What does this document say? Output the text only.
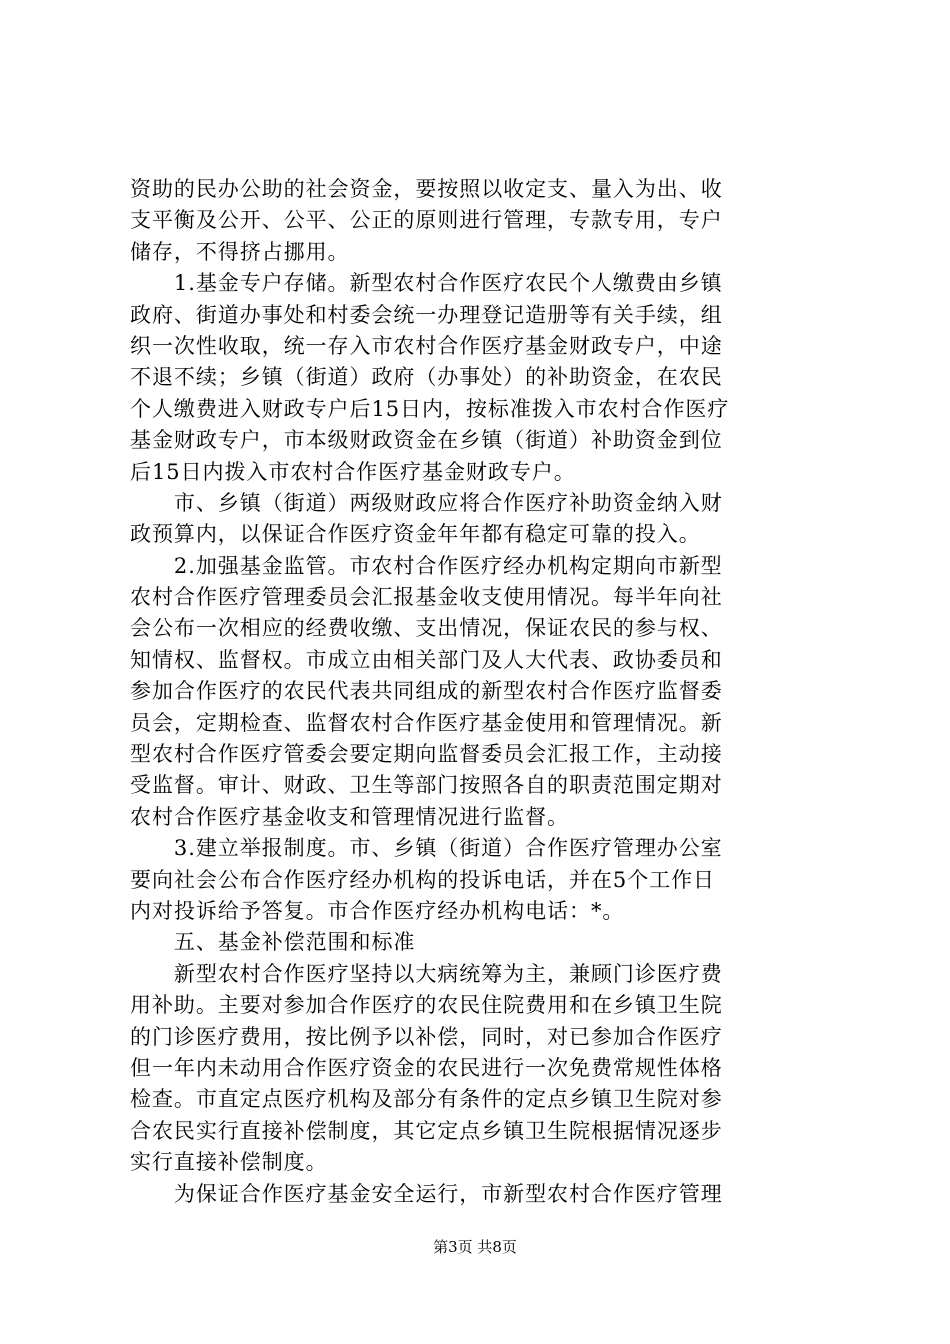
资助的民办公助的社会资金，要按照以收定支、量入为出、收
支平衡及公开、公平、公正的原则进行管理，专款专用，专户
储存，不得挤占挪用。
　　1.基金专户存储。新型农村合作医疗农民个人缴费由乡镇
政府、街道办事处和村委会统一办理登记造册等有关手续，组
织一次性收取，统一存入市农村合作医疗基金财政专户，中途
不退不续；乡镇（街道）政府（办事处）的补助资金，在农民
个人缴费进入财政专户后15日内，按标准拨入市农村合作医疗
基金财政专户，市本级财政资金在乡镇（街道）补助资金到位
后15日内拨入市农村合作医疗基金财政专户。
　　市、乡镇（街道）两级财政应将合作医疗补助资金纳入财
政预算内，以保证合作医疗资金年年都有稳定可靠的投入。
　　2.加强基金监管。市农村合作医疗经办机构定期向市新型
农村合作医疗管理委员会汇报基金收支使用情况。每半年向社
会公布一次相应的经费收缴、支出情况，保证农民的参与权、
知情权、监督权。市成立由相关部门及人大代表、政协委员和
参加合作医疗的农民代表共同组成的新型农村合作医疗监督委
员会，定期检查、监督农村合作医疗基金使用和管理情况。新
型农村合作医疗管委会要定期向监督委员会汇报工作，主动接
受监督。审计、财政、卫生等部门按照各自的职责范围定期对
农村合作医疗基金收支和管理情况进行监督。
　　3.建立举报制度。市、乡镇（街道）合作医疗管理办公室
要向社会公布合作医疗经办机构的投诉电话，并在5个工作日
内对投诉给予答复。市合作医疗经办机构电话：*。
　　五、基金补偿范围和标准
　　新型农村合作医疗坚持以大病统筹为主，兼顾门诊医疗费
用补助。主要对参加合作医疗的农民住院费用和在乡镇卫生院
的门诊医疗费用，按比例予以补偿，同时，对已参加合作医疗
但一年内未动用合作医疗资金的农民进行一次免费常规性体格
检查。市直定点医疗机构及部分有条件的定点乡镇卫生院对参
合农民实行直接补偿制度，其它定点乡镇卫生院根据情况逐步
实行直接补偿制度。
　　为保证合作医疗基金安全运行，市新型农村合作医疗管理
第3页 共8页
